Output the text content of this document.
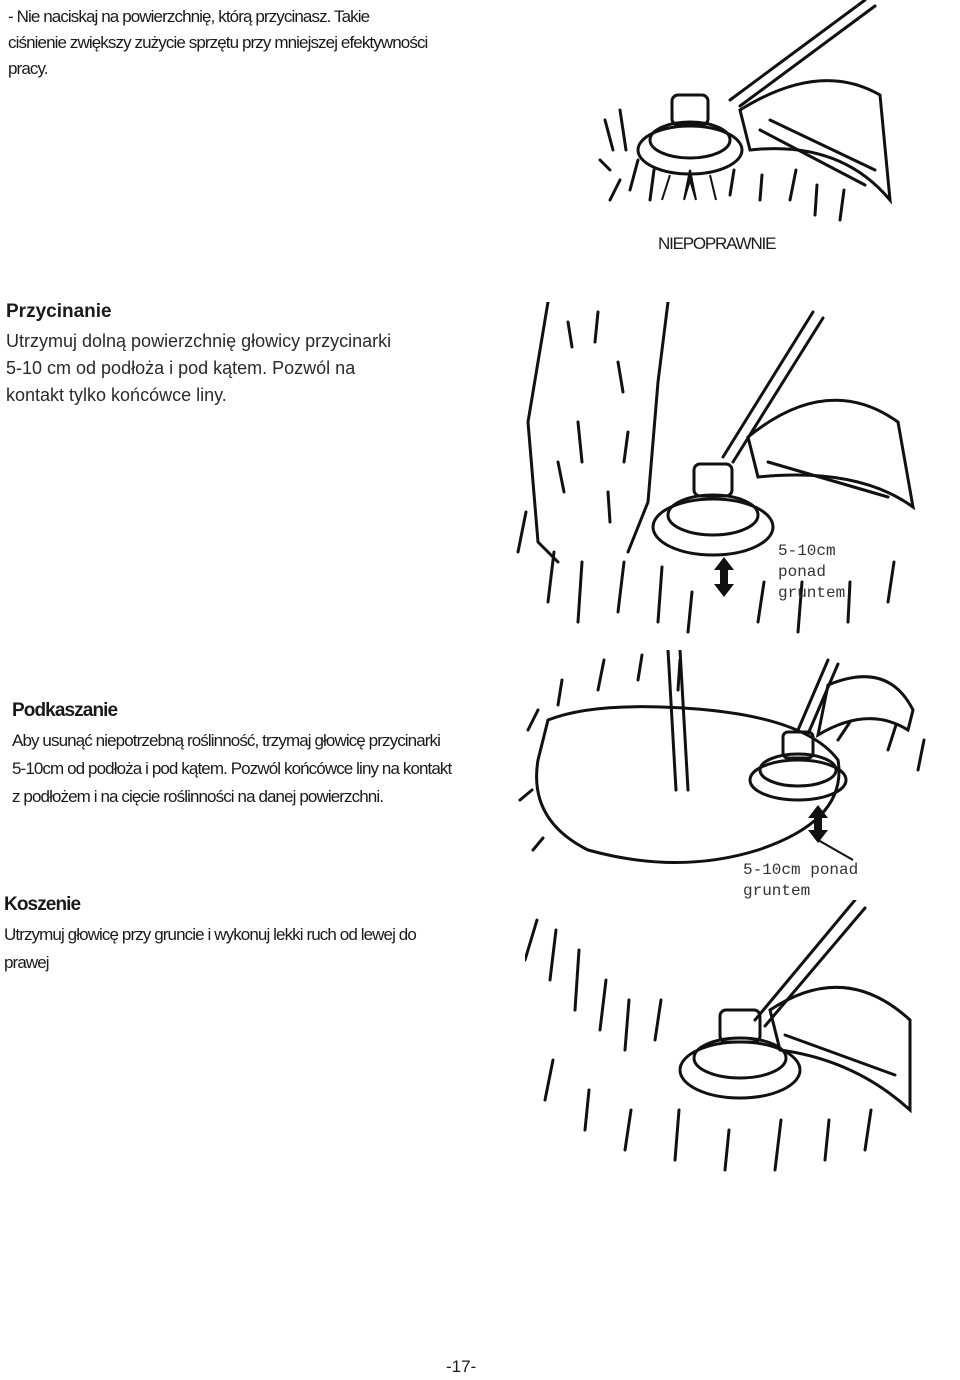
- Nie naciskaj na powierzchnię, którą przycinasz. Takie ciśnienie zwiększy zużycie sprzętu przy mniejszej efektywności pracy.

NIEPOPRAWNIE

Przycinanie

Utrzymuj dolną powierzchnię głowicy przycinarki 5-10 cm od podłoża i pod kątem. Pozwól na kontakt tylko końcówce liny.

5-10cm ponad gruntem

Podkaszanie

Aby usunąć niepotrzebną roślinność, trzymaj głowicę przycinarki 5-10cm od podłoża i pod kątem. Pozwól końcówce liny na kontakt z podłożem i na cięcie roślinności na danej powierzchni.

5-10cm ponad gruntem

Koszenie

Utrzymuj głowicę przy gruncie i wykonuj lekki ruch od lewej do prawej

-17-
